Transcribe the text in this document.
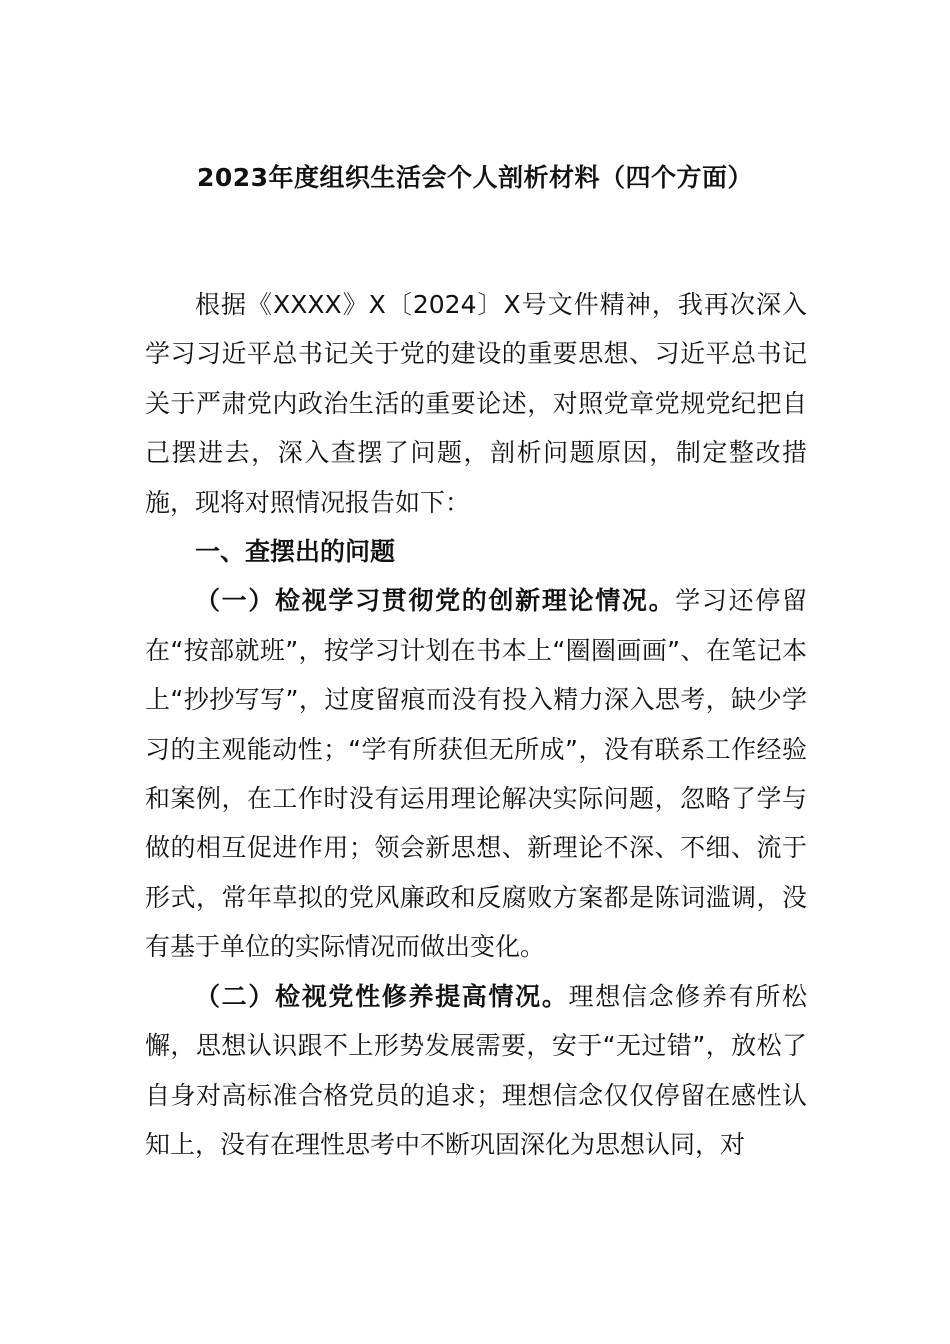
2023年度组织生活会个人剖析材料（四个方面）

根据《XXXX》X〔2024〕X号文件精神，我再次深入学习习近平总书记关于党的建设的重要思想、习近平总书记关于严肃党内政治生活的重要论述，对照党章党规党纪把自己摆进去，深入查摆了问题，剖析问题原因，制定整改措施，现将对照情况报告如下：

一、查摆出的问题

（一）检视学习贯彻党的创新理论情况。学习还停留在“按部就班”，按学习计划在书本上“圈圈画画”、在笔记本上“抄抄写写”，过度留痕而没有投入精力深入思考，缺少学习的主观能动性；“学有所获但无所成”，没有联系工作经验和案例，在工作时没有运用理论解决实际问题，忽略了学与做的相互促进作用；领会新思想、新理论不深、不细、流于形式，常年草拟的党风廉政和反腐败方案都是陈词滥调，没有基于单位的实际情况而做出变化。

（二）检视党性修养提高情况。理想信念修养有所松懈，思想认识跟不上形势发展需要，安于“无过错”，放松了自身对高标准合格党员的追求；理想信念仅仅停留在感性认知上，没有在理性思考中不断巩固深化为思想认同，对
